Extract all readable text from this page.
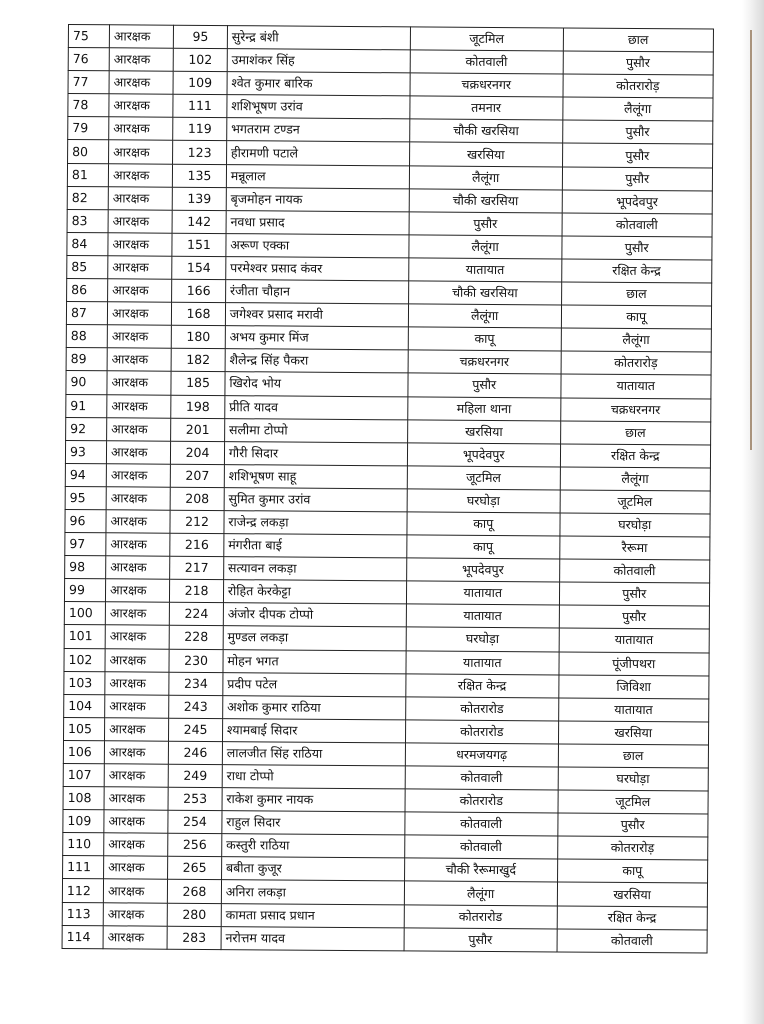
75	आरक्षक	95	सुरेन्द्र बंशी	जूटमिल	छाल
76	आरक्षक	102	उमाशंकर सिंह	कोतवाली	पुसौर
77	आरक्षक	109	श्वेत कुमार बारिक	चक्रधरनगर	कोतरारोड़
78	आरक्षक	111	शशिभूषण उरांव	तमनार	लैलूंगा
79	आरक्षक	119	भगतराम टण्डन	चौकी खरसिया	पुसौर
80	आरक्षक	123	हीरामणी पटाले	खरसिया	पुसौर
81	आरक्षक	135	मन्नूलाल	लैलूंगा	पुसौर
82	आरक्षक	139	बृजमोहन नायक	चौकी खरसिया	भूपदेवपुर
83	आरक्षक	142	नवधा प्रसाद	पुसौर	कोतवाली
84	आरक्षक	151	अरूण एक्का	लैलूंगा	पुसौर
85	आरक्षक	154	परमेश्वर प्रसाद कंवर	यातायात	रक्षित केन्द्र
86	आरक्षक	166	रंजीता चौहान	चौकी खरसिया	छाल
87	आरक्षक	168	जगेश्वर प्रसाद मरावी	लैलूंगा	कापू
88	आरक्षक	180	अभय कुमार मिंज	कापू	लैलूंगा
89	आरक्षक	182	शैलेन्द्र सिंह पैकरा	चक्रधरनगर	कोतरारोड़
90	आरक्षक	185	खिरोद भोय	पुसौर	यातायात
91	आरक्षक	198	प्रीति यादव	महिला थाना	चक्रधरनगर
92	आरक्षक	201	सलीमा टोप्पो	खरसिया	छाल
93	आरक्षक	204	गौरी सिदार	भूपदेवपुर	रक्षित केन्द्र
94	आरक्षक	207	शशिभूषण साहू	जूटमिल	लैलूंगा
95	आरक्षक	208	सुमित कुमार उरांव	घरघोड़ा	जूटमिल
96	आरक्षक	212	राजेन्द्र लकड़ा	कापू	घरघोड़ा
97	आरक्षक	216	मंगरीता बाई	कापू	रैरूमा
98	आरक्षक	217	सत्यावन लकड़ा	भूपदेवपुर	कोतवाली
99	आरक्षक	218	रोहित केरकेट्टा	यातायात	पुसौर
100	आरक्षक	224	अंजोर दीपक टोप्पो	यातायात	पुसौर
101	आरक्षक	228	मुण्डल लकड़ा	घरघोड़ा	यातायात
102	आरक्षक	230	मोहन भगत	यातायात	पूंजीपथरा
103	आरक्षक	234	प्रदीप पटेल	रक्षित केन्द्र	जिविशा
104	आरक्षक	243	अशोक कुमार राठिया	कोतरारोड	यातायात
105	आरक्षक	245	श्यामबाई सिदार	कोतरारोड	खरसिया
106	आरक्षक	246	लालजीत सिंह राठिया	धरमजयगढ़	छाल
107	आरक्षक	249	राधा टोप्पो	कोतवाली	घरघोड़ा
108	आरक्षक	253	राकेश कुमार नायक	कोतरारोड	जूटमिल
109	आरक्षक	254	राहुल सिदार	कोतवाली	पुसौर
110	आरक्षक	256	कस्तुरी राठिया	कोतवाली	कोतरारोड़
111	आरक्षक	265	बबीता कुजूर	चौकी रैरूमाखुर्द	कापू
112	आरक्षक	268	अनिरा लकड़ा	लैलूंगा	खरसिया
113	आरक्षक	280	कामता प्रसाद प्रधान	कोतरारोड	रक्षित केन्द्र
114	आरक्षक	283	नरोत्तम यादव	पुसौर	कोतवाली
